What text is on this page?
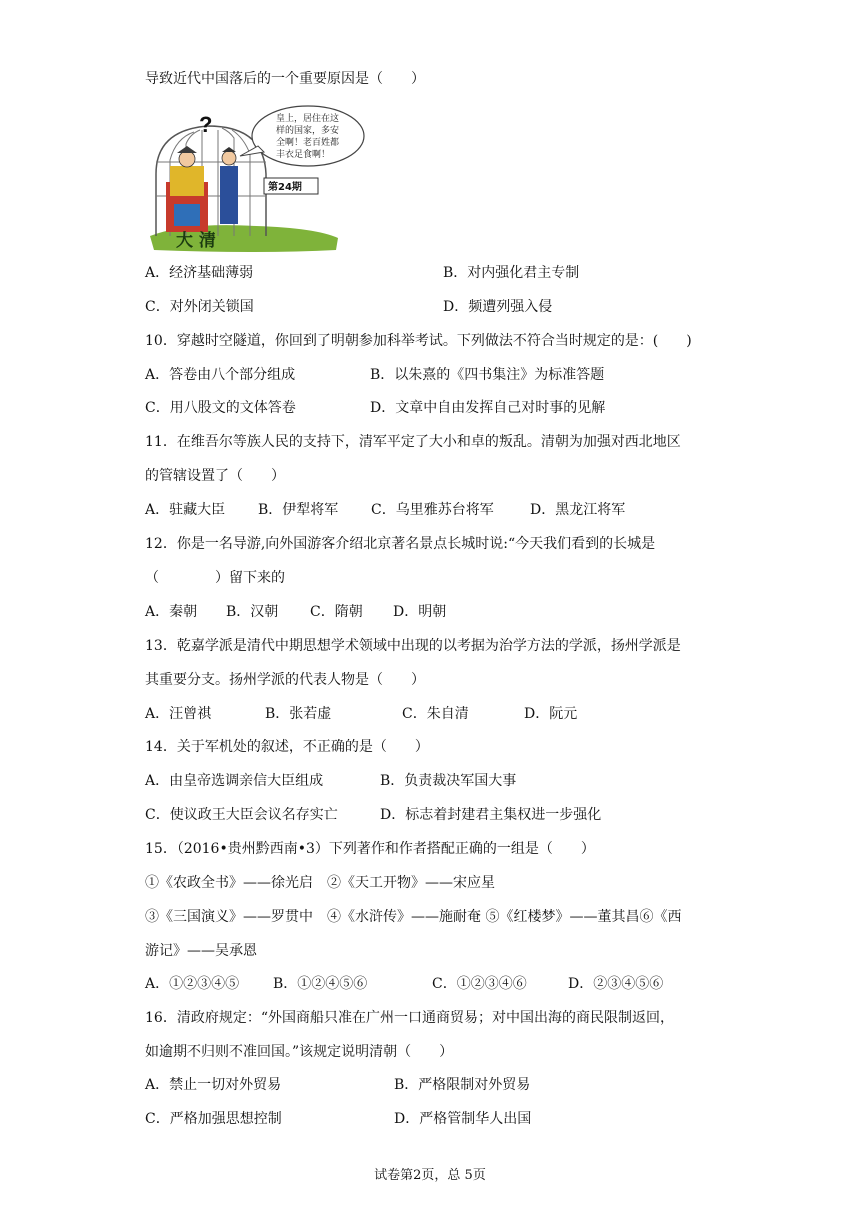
导致近代中国落后的一个重要原因是（　　）
?	皇上，居住在这
样的国家，多安
全啊！老百姓都
丰衣足食啊！
第24期
大 清
A．经济基础薄弱	B．对内强化君主专制
C．对外闭关锁国	D．频遭列强入侵
10．穿越时空隧道，你回到了明朝参加科举考试。下列做法不符合当时规定的是：(　　)
A．答卷由八个部分组成	B．以朱熹的《四书集注》为标准答题
C．用八股文的文体答卷	D．文章中自由发挥自己对时事的见解
11．在维吾尔等族人民的支持下，清军平定了大小和卓的叛乱。清朝为加强对西北地区
的管辖设置了（　　）
A．驻藏大臣 B．伊犁将军 C．乌里雅苏台将军	D．黑龙江将军
12．你是一名导游,向外国游客介绍北京著名景点长城时说:“今天我们看到的长城是
（　　　　）留下来的
A．秦朝 B．汉朝 C．隋朝 D．明朝
13．乾嘉学派是清代中期思想学术领域中出现的以考据为治学方法的学派，扬州学派是
其重要分支。扬州学派的代表人物是（　　）
A．汪曾祺	B．张若虚	C．朱自清	D．阮元
14．关于军机处的叙述，不正确的是（　　）
A．由皇帝选调亲信大臣组成	B．负责裁决军国大事
C．使议政王大臣会议名存实亡	D．标志着封建君主集权进一步强化
15．（2016•贵州黔西南•3）下列著作和作者搭配正确的一组是（　　）
①《农政全书》——徐光启　②《天工开物》——宋应星
③《三国演义》——罗贯中　④《水浒传》——施耐奄 ⑤《红楼梦》——董其昌⑥《西
游记》——吴承恩
A．①②③④⑤ B．①②④⑤⑥	C．①②③④⑥	D．②③④⑤⑥
16．清政府规定：“外国商船只准在广州一口通商贸易；对中国出海的商民限制返回，
如逾期不归则不准回国。”该规定说明清朝（　　）
A．禁止一切对外贸易	B．严格限制对外贸易
C．严格加强思想控制	D．严格管制华人出国
试卷第2页，总 5页
